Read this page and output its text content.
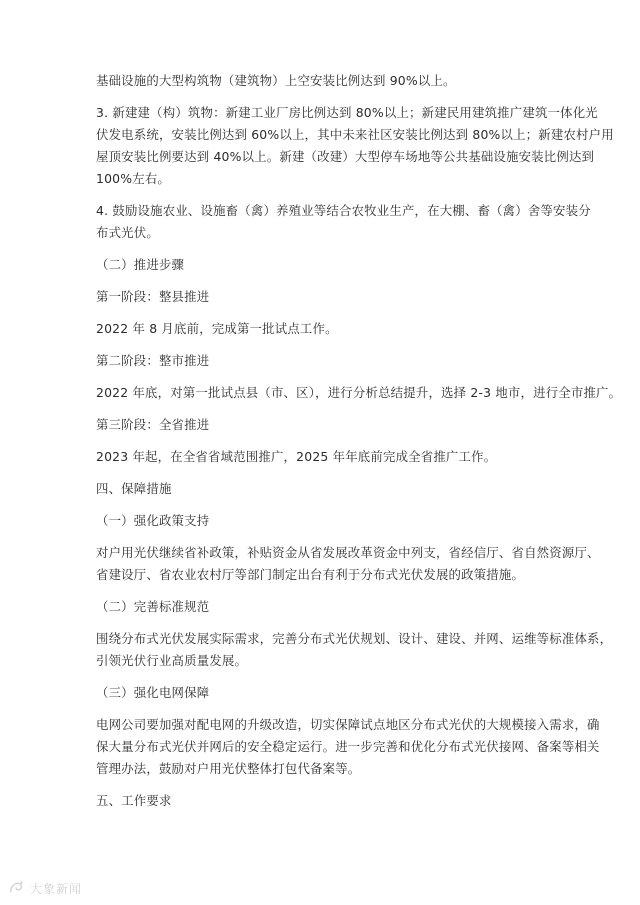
基础设施的大型构筑物（建筑物）上空安装比例达到 90%以上。

3. 新建建（构）筑物：新建工业厂房比例达到 80%以上；新建民用建筑推广建筑一体化光
伏发电系统，安装比例达到 60%以上，其中未来社区安装比例达到 80%以上；新建农村户用
屋顶安装比例要达到 40%以上。新建（改建）大型停车场地等公共基础设施安装比例达到
100%左右。

4. 鼓励设施农业、设施畜（禽）养殖业等结合农牧业生产，在大棚、畜（禽）舍等安装分
布式光伏。

（二）推进步骤

第一阶段：整县推进

2022 年 8 月底前，完成第一批试点工作。

第二阶段：整市推进

2022 年底，对第一批试点县（市、区），进行分析总结提升，选择 2-3 地市，进行全市推广。

第三阶段：全省推进

2023 年起，在全省省域范围推广，2025 年年底前完成全省推广工作。

四、保障措施

（一）强化政策支持

对户用光伏继续省补政策，补贴资金从省发展改革资金中列支，省经信厅、省自然资源厅、
省建设厅、省农业农村厅等部门制定出台有利于分布式光伏发展的政策措施。

（二）完善标准规范

围绕分布式光伏发展实际需求，完善分布式光伏规划、设计、建设、并网、运维等标准体系，
引领光伏行业高质量发展。

（三）强化电网保障

电网公司要加强对配电网的升级改造，切实保障试点地区分布式光伏的大规模接入需求，确
保大量分布式光伏并网后的安全稳定运行。进一步完善和优化分布式光伏接网、备案等相关
管理办法，鼓励对户用光伏整体打包代备案等。

五、工作要求

大象新闻
